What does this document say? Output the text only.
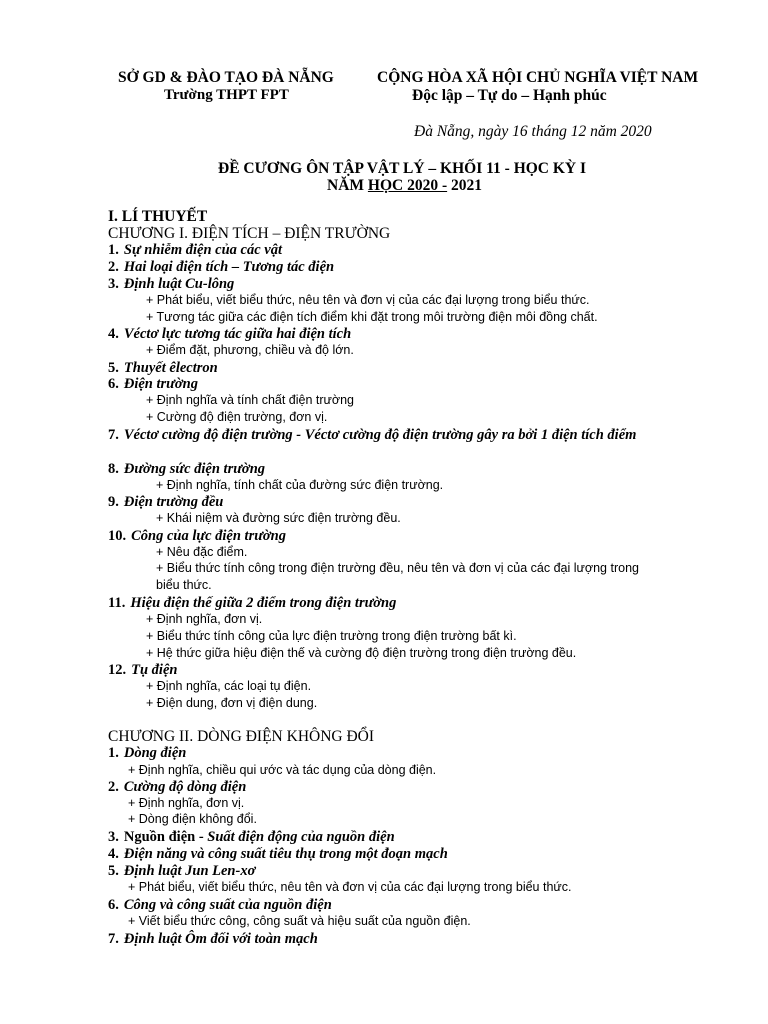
SỞ GD & ĐÀO TẠO ĐÀ NẴNG
Trường THPT FPT
CỘNG HÒA XÃ HỘI CHỦ NGHĨA VIỆT NAM
Độc lập – Tự do – Hạnh phúc
Đà Nẵng, ngày 16 tháng 12 năm 2020
ĐỀ CƯƠNG ÔN TẬP VẬT LÝ – KHỐI 11 - HỌC KỲ I
NĂM HỌC 2020 - 2021
I. LÍ THUYẾT
CHƯƠNG I. ĐIỆN TÍCH – ĐIỆN TRƯỜNG
1. Sự nhiễm điện của các vật
2. Hai loại điện tích – Tương tác điện
3. Định luật Cu-lông
+ Phát biểu, viết biểu thức, nêu tên và đơn vị của các đại lượng trong biểu thức.
+ Tương tác giữa các điện tích điểm khi đặt trong môi trường điện môi đồng chất.
4. Véctơ lực tương tác giữa hai điện tích
+ Điểm đặt, phương, chiều và độ lớn.
5. Thuyết êlectron
6. Điện trường
+ Định nghĩa và tính chất điện trường
+ Cường độ điện trường, đơn vị.
7. Véctơ cường độ điện trường - Véctơ cường độ điện trường gây ra bởi 1 điện tích điểm
8. Đường sức điện trường
+ Định nghĩa, tính chất của đường sức điện trường.
9. Điện trường đều
+ Khái niệm và đường sức điện trường đều.
10. Công của lực điện trường
+ Nêu đặc điểm.
+ Biểu thức tính công trong điện trường đều, nêu tên và đơn vị của các đại lượng trong
biểu thức.
11. Hiệu điện thế giữa 2 điểm trong điện trường
+ Định nghĩa, đơn vị.
+ Biểu thức tính công của lực điện trường trong điện trường bất kì.
+ Hệ thức giữa hiệu điện thế và cường độ điện trường trong điện trường đều.
12. Tụ điện
+ Định nghĩa, các loại tụ điện.
+ Điện dung, đơn vị điện dung.
CHƯƠNG II. DÒNG ĐIỆN KHÔNG ĐỔI
1. Dòng điện
+ Định nghĩa, chiều qui ước và tác dụng của dòng điện.
2. Cường độ dòng điện
+ Định nghĩa, đơn vị.
+ Dòng điện không đổi.
3. Nguồn điện - Suất điện động của nguồn điện
4. Điện năng và công suất tiêu thụ trong một đoạn mạch
5. Định luật Jun Len-xơ
+ Phát biểu, viết biểu thức, nêu tên và đơn vị của các đại lượng trong biểu thức.
6. Công và công suất của nguồn điện
+ Viết biểu thức công, công suất và hiệu suất của nguồn điện.
7. Định luật Ôm đối với toàn mạch
